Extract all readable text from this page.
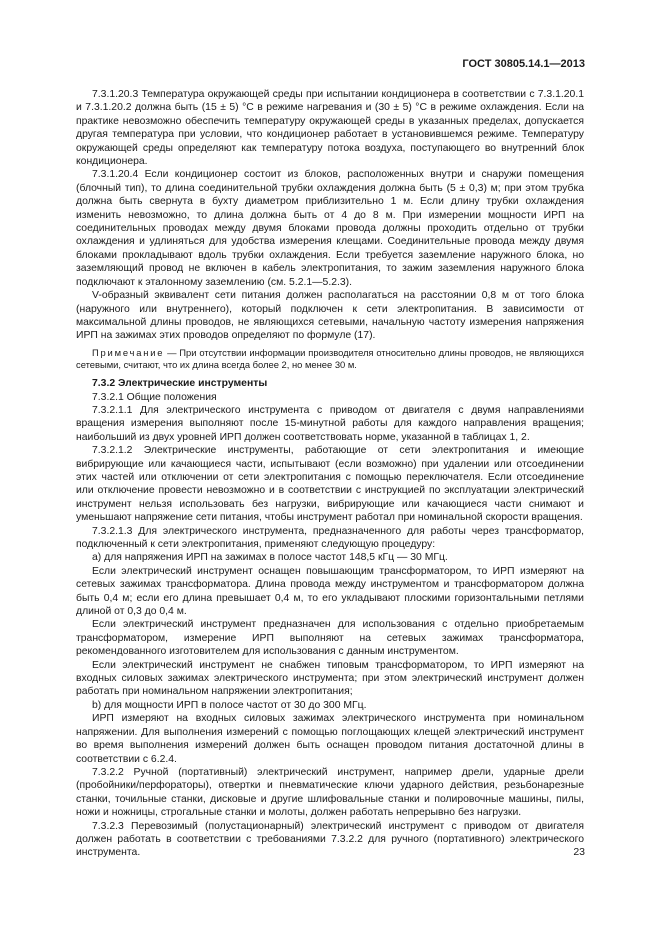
ГОСТ 30805.14.1—2013

7.3.1.20.3 Температура окружающей среды при испытании кондиционера в соответствии с 7.3.1.20.1 и 7.3.1.20.2 должна быть (15 ± 5) °С в режиме нагревания и (30 ± 5) °С в режиме охлаждения. Если на практике невозможно обеспечить температуру окружающей среды в указанных пределах, допускается другая температура при условии, что кондиционер работает в установившемся режиме. Температуру окружающей среды определяют как температуру потока воздуха, поступающего во внутренний блок кондиционера.

7.3.1.20.4 Если кондиционер состоит из блоков, расположенных внутри и снаружи помещения (блочный тип), то длина соединительной трубки охлаждения должна быть (5 ± 0,3) м; при этом трубка должна быть свернута в бухту диаметром приблизительно 1 м. Если длину трубки охлаждения изменить невозможно, то длина должна быть от 4 до 8 м. При измерении мощности ИРП на соединительных проводах между двумя блоками провода должны проходить отдельно от трубки охлаждения и удлиняться для удобства измерения клещами. Соединительные провода между двумя блоками прокладывают вдоль трубки охлаждения. Если требуется заземление наружного блока, но заземляющий провод не включен в кабель электропитания, то зажим заземления наружного блока подключают к эталонному заземлению (см. 5.2.1—5.2.3).

V-образный эквивалент сети питания должен располагаться на расстоянии 0,8 м от того блока (наружного или внутреннего), который подключен к сети электропитания. В зависимости от максимальной длины проводов, не являющихся сетевыми, начальную частоту измерения напряжения ИРП на зажимах этих проводов определяют по формуле (17).

Примечание — При отсутствии информации производителя относительно длины проводов, не являющихся сетевыми, считают, что их длина всегда более 2, но менее 30 м.

7.3.2 Электрические инструменты

7.3.2.1 Общие положения

7.3.2.1.1 Для электрического инструмента с приводом от двигателя с двумя направлениями вращения измерения выполняют после 15-минутной работы для каждого направления вращения; наибольший из двух уровней ИРП должен соответствовать норме, указанной в таблицах 1, 2.

7.3.2.1.2 Электрические инструменты, работающие от сети электропитания и имеющие вибрирующие или качающиеся части, испытывают (если возможно) при удалении или отсоединении этих частей или отключении от сети электропитания с помощью переключателя. Если отсоединение или отключение провести невозможно и в соответствии с инструкцией по эксплуатации электрический инструмент нельзя использовать без нагрузки, вибрирующие или качающиеся части снимают и уменьшают напряжение сети питания, чтобы инструмент работал при номинальной скорости вращения.

7.3.2.1.3 Для электрического инструмента, предназначенного для работы через трансформатор, подключенный к сети электропитания, применяют следующую процедуру:

а) для напряжения ИРП на зажимах в полосе частот 148,5 кГц — 30 МГц.

Если электрический инструмент оснащен повышающим трансформатором, то ИРП измеряют на сетевых зажимах трансформатора. Длина провода между инструментом и трансформатором должна быть 0,4 м; если его длина превышает 0,4 м, то его укладывают плоскими горизонтальными петлями длиной от 0,3 до 0,4 м.

Если электрический инструмент предназначен для использования с отдельно приобретаемым трансформатором, измерение ИРП выполняют на сетевых зажимах трансформатора, рекомендованного изготовителем для использования с данным инструментом.

Если электрический инструмент не снабжен типовым трансформатором, то ИРП измеряют на входных силовых зажимах электрического инструмента; при этом электрический инструмент должен работать при номинальном напряжении электропитания;

b) для мощности ИРП в полосе частот от 30 до 300 МГц.

ИРП измеряют на входных силовых зажимах электрического инструмента при номинальном напряжении. Для выполнения измерений с помощью поглощающих клещей электрический инструмент во время выполнения измерений должен быть оснащен проводом питания достаточной длины в соответствии с 6.2.4.

7.3.2.2 Ручной (портативный) электрический инструмент, например дрели, ударные дрели (пробойники/перфораторы), отвертки и пневматические ключи ударного действия, резьбонарезные станки, точильные станки, дисковые и другие шлифовальные станки и полировочные машины, пилы, ножи и ножницы, строгальные станки и молоты, должен работать непрерывно без нагрузки.

7.3.2.3 Перевозимый (полустационарный) электрический инструмент с приводом от двигателя должен работать в соответствии с требованиями 7.3.2.2 для ручного (портативного) электрического инструмента.	23
